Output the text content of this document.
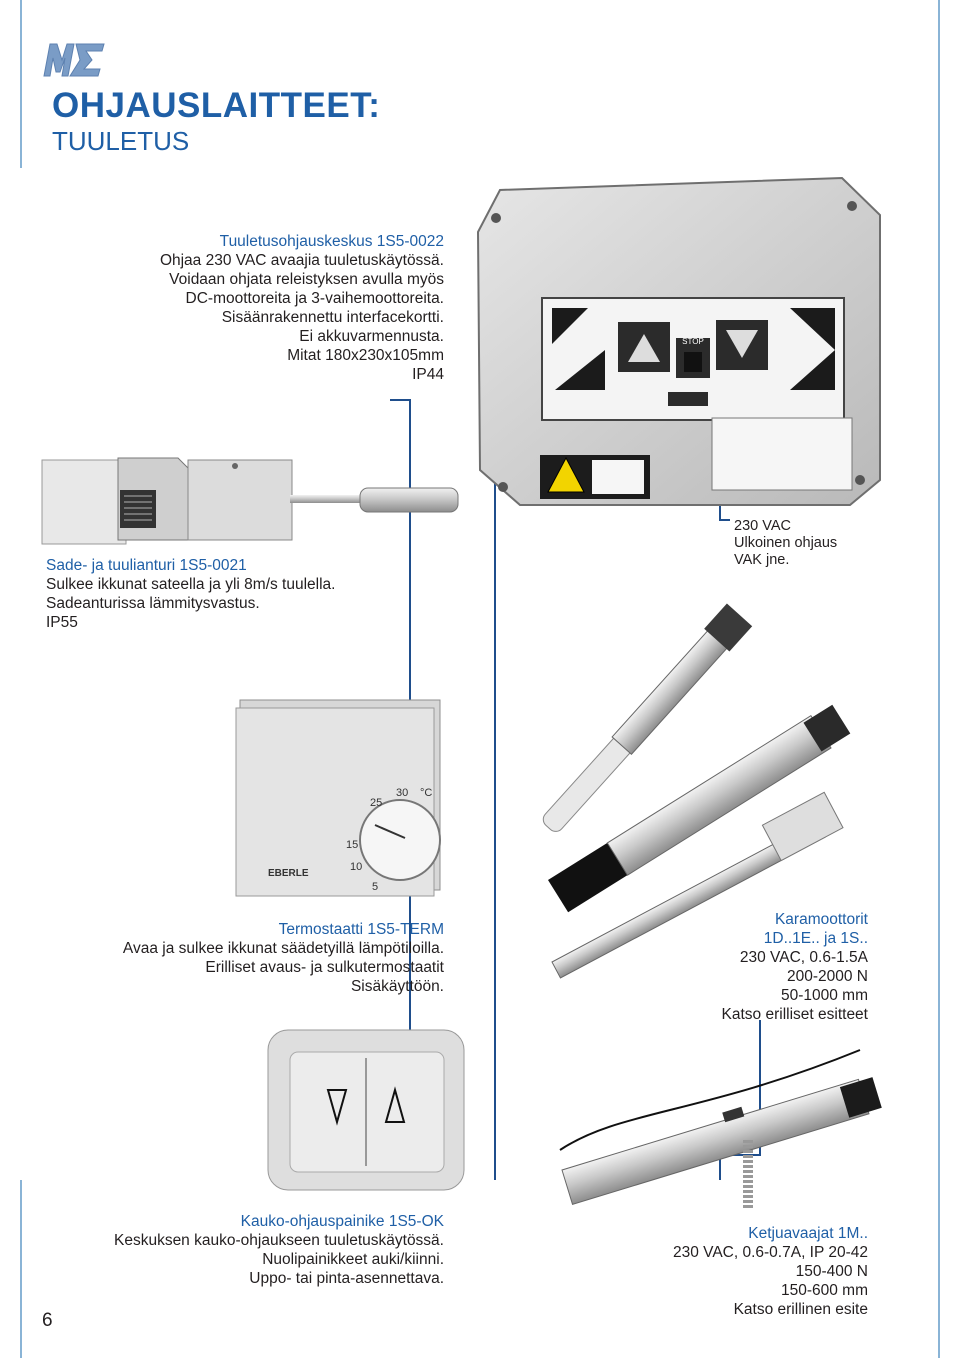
OHJAUSLAITTEET:
TUULETUS
STOP
5
10
15
25
30 °C
EBERLE
Tuuletusohjauskeskus 1S5-0022
Ohjaa 230 VAC avaajia tuuletuskäytössä.
Voidaan ohjata releistyksen avulla myös
DC-moottoreita ja 3-vaihemoottoreita.
Sisäänrakennettu interfacekortti.
Ei akkuvarmennusta.
Mitat 180x230x105mm
IP44
Sade- ja tuulianturi 1S5-0021
Sulkee ikkunat sateella ja yli 8m/s tuulella.
Sadeanturissa lämmitysvastus.
IP55
230 VAC
Ulkoinen ohjaus
VAK jne.
Termostaatti 1S5-TERM
Avaa ja sulkee ikkunat säädetyillä lämpötiloilla.
Erilliset avaus- ja sulkutermostaatit
Sisäkäyttöön.
Karamoottorit
1D..1E.. ja 1S..
230 VAC, 0.6-1.5A
200-2000 N
50-1000 mm
Katso erilliset esitteet
Kauko-ohjauspainike 1S5-OK
Keskuksen kauko-ohjaukseen tuuletuskäytössä.
Nuolipainikkeet auki/kiinni.
Uppo- tai pinta-asennettava.
Ketjuavaajat 1M..
230 VAC, 0.6-0.7A, IP 20-42
150-400 N
150-600 mm
Katso erillinen esite
6
